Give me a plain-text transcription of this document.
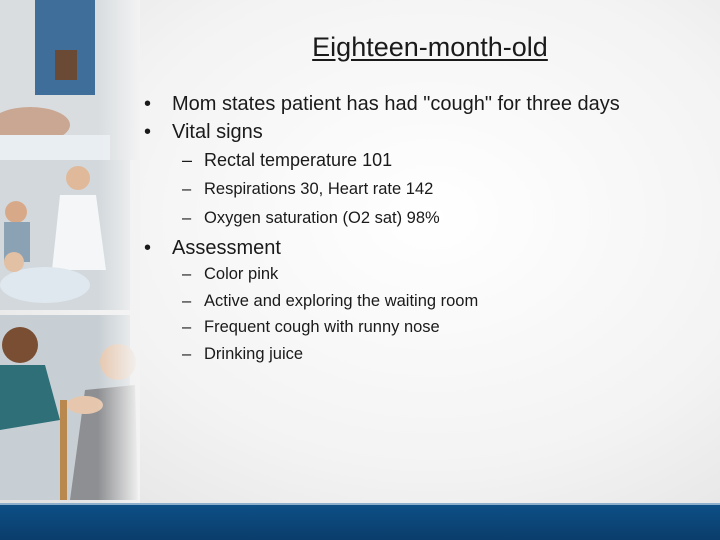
Eighteen-month-old
• Mom states patient has had "cough" for three days
• Vital signs
– Rectal temperature 101
– Respirations 30, Heart rate 142
– Oxygen saturation (O2 sat) 98%
• Assessment
– Color pink
– Active and exploring the waiting room
– Frequent cough with runny nose
– Drinking juice
